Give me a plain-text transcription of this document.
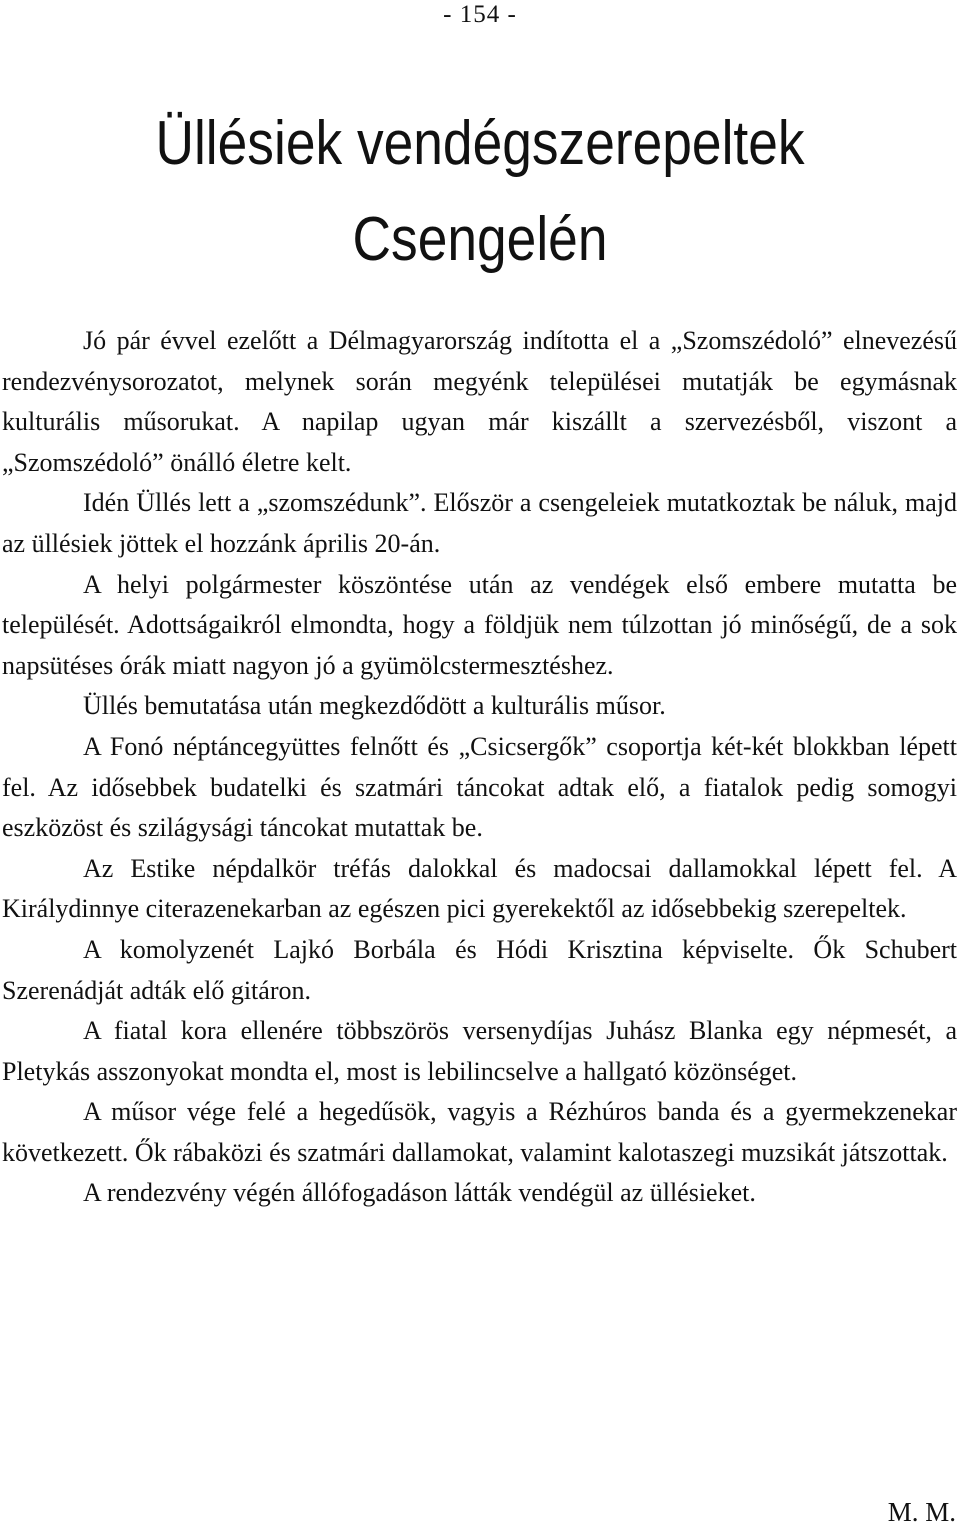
- 154 -
Üllésiek vendégszerepeltek
Csengelén

Jó pár évvel ezelőtt a Délmagyarország indította el a „Szomszédoló” elnevezésű rendezvénysorozatot, melynek során megyénk települései mutatják be egymásnak kulturális műsorukat. A napilap ugyan már kiszállt a szervezésből, viszont a „Szomszédoló” önálló életre kelt.

Idén Üllés lett a „szomszédunk”. Először a csengeleiek mutatkoztak be náluk, majd az üllésiek jöttek el hozzánk április 20-án.

A helyi polgármester köszöntése után az vendégek első embere mutatta be települését. Adottságaikról elmondta, hogy a földjük nem túlzottan jó minőségű, de a sok napsütéses órák miatt nagyon jó a gyümölcstermesztéshez.

Üllés bemutatása után megkezdődött a kulturális műsor.

A Fonó néptáncegyüttes felnőtt és „Csicsergők” csoportja két-két blokkban lépett fel. Az idősebbek budatelki és szatmári táncokat adtak elő, a fiatalok pedig somogyi eszközöst és szilágysági táncokat mutattak be.

Az Estike népdalkör tréfás dalokkal és madocsai dallamokkal lépett fel. A Királydinnye citerazenekarban az egészen pici gyerekektől az idősebbekig szerepeltek.

A komolyzenét Lajkó Borbála és Hódi Krisztina képviselte. Ők Schubert Szerenádját adták elő gitáron.

A fiatal kora ellenére többszörös versenydíjas Juhász Blanka egy népmesét, a Pletykás asszonyokat mondta el, most is lebilincselve a hallgató közönséget.

A műsor vége felé a hegedűsök, vagyis a Rézhúros banda és a gyermekzenekar következett. Ők rábaközi és szatmári dallamokat, valamint kalotaszegi muzsikát játszottak.

A rendezvény végén állófogadáson látták vendégül az üllésieket.

M. M.
